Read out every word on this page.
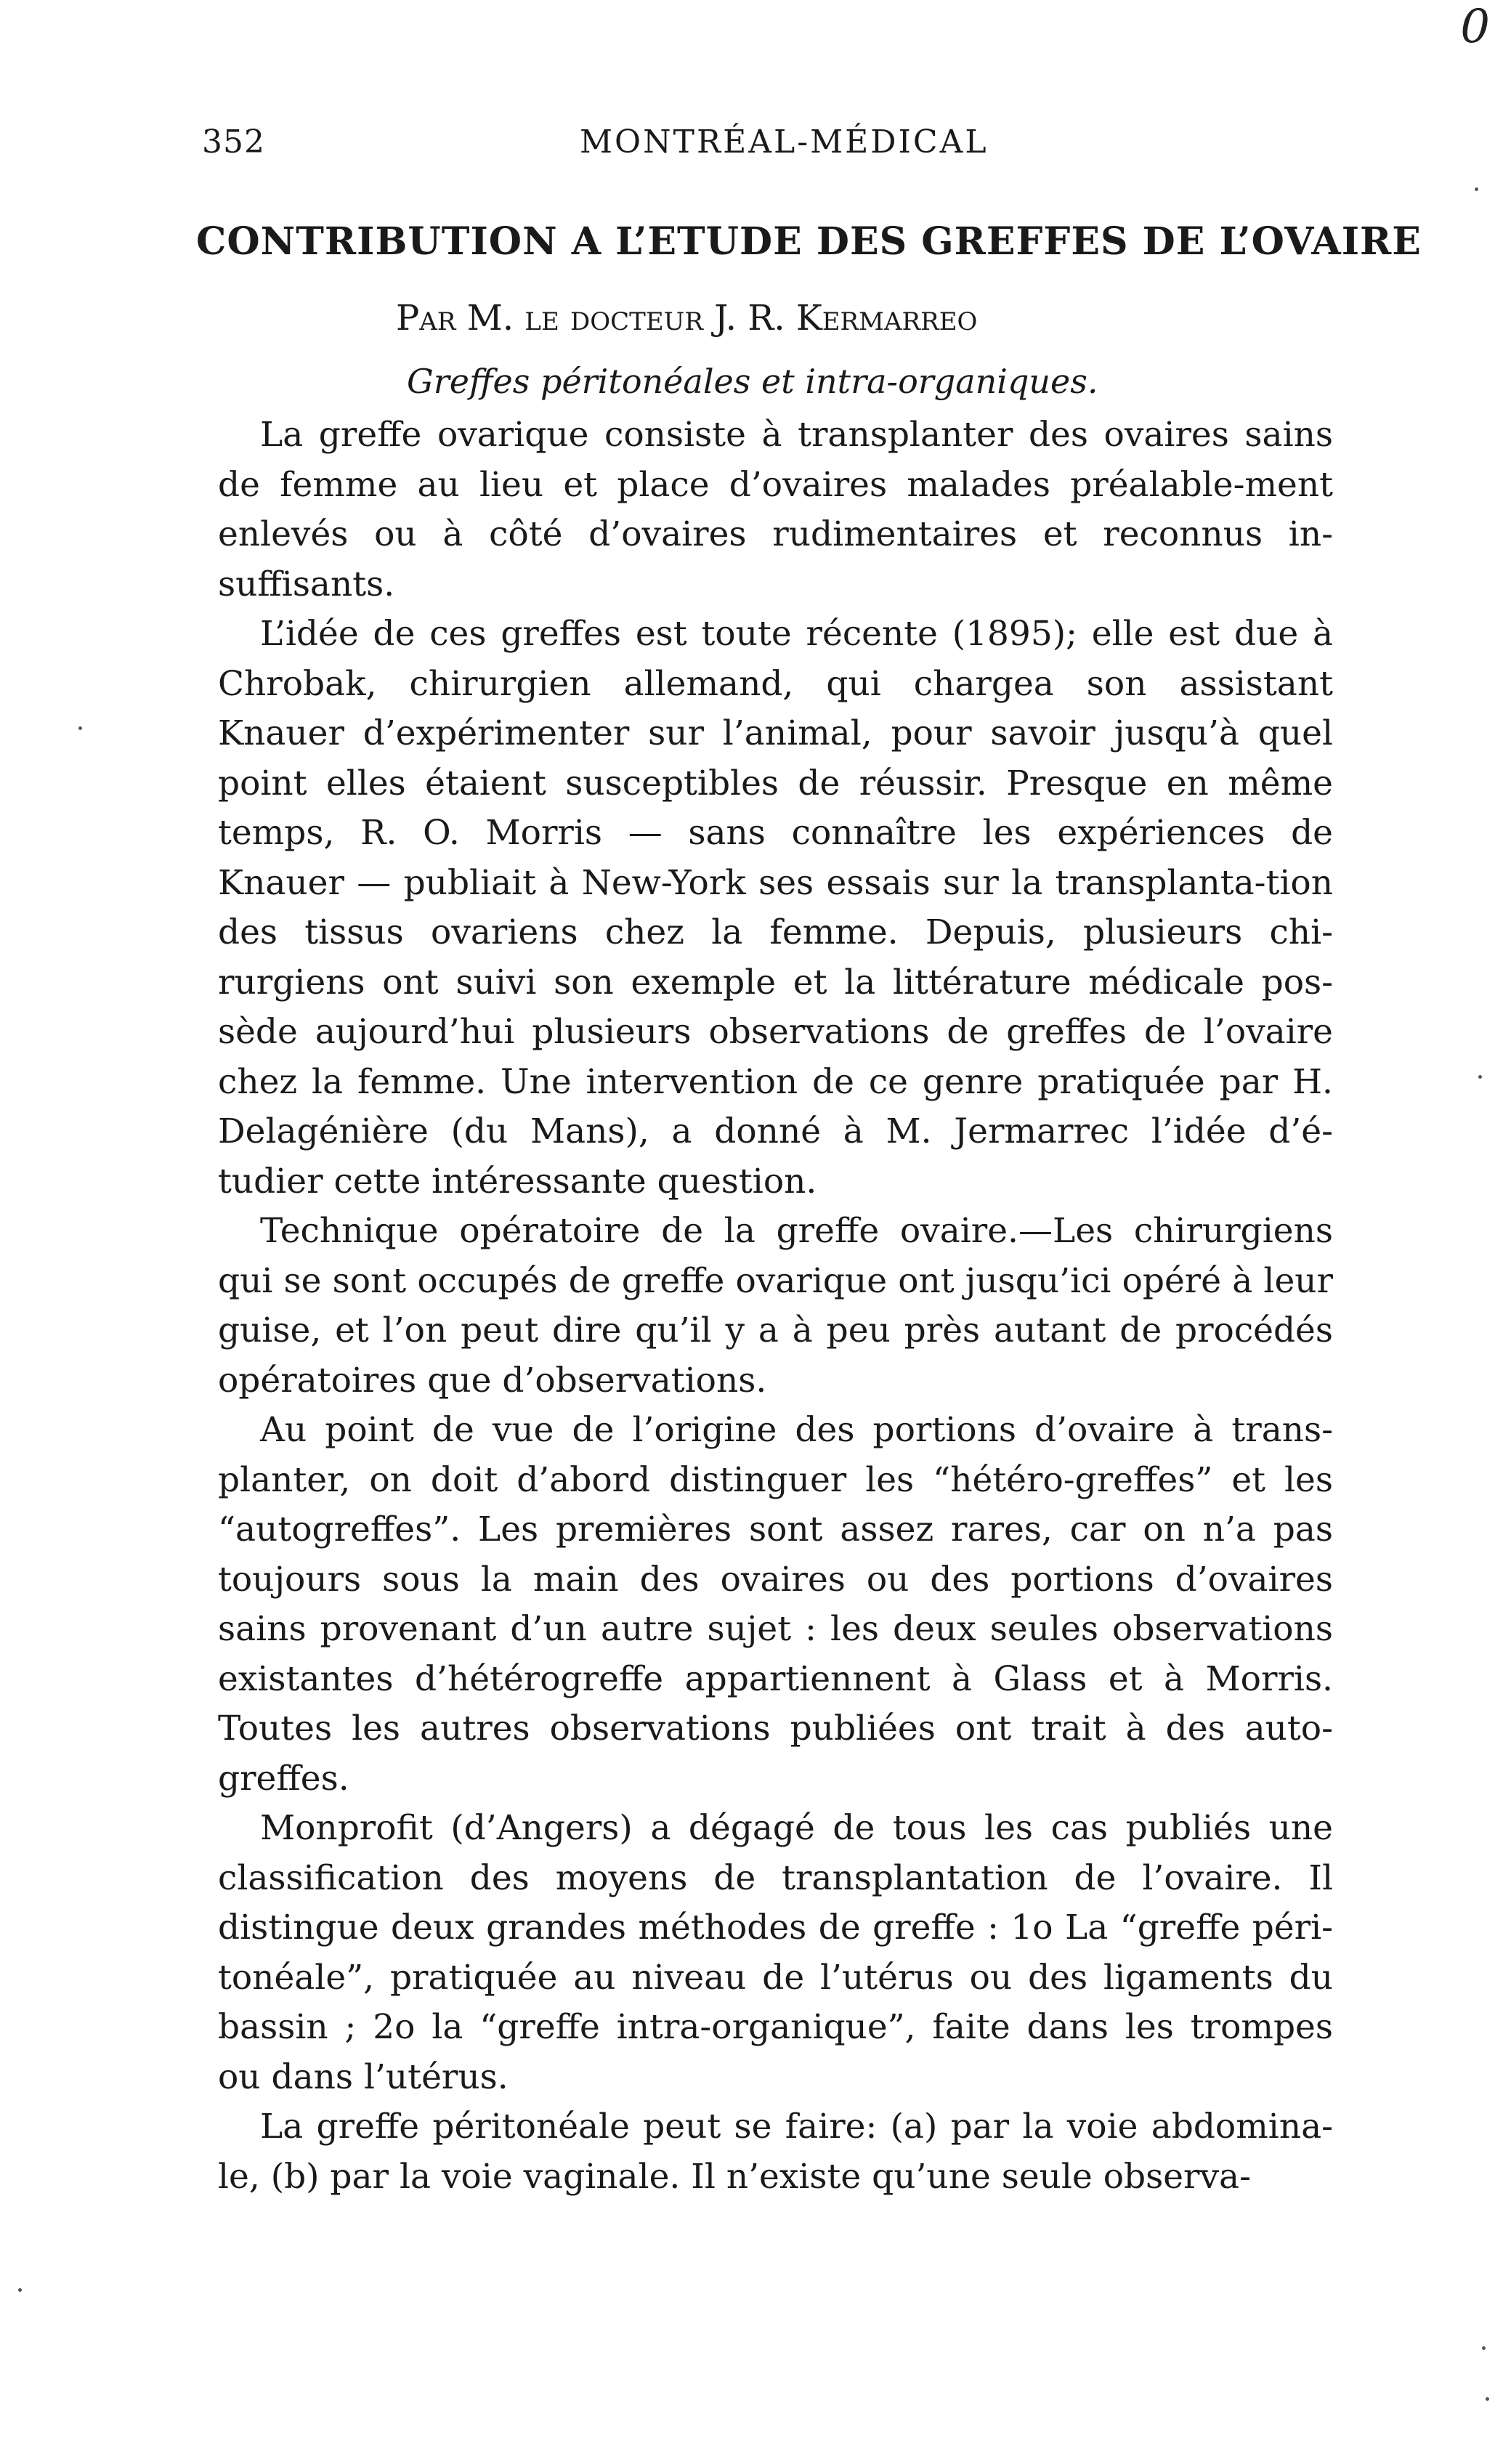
0
352	MONTRÉAL-MÉDICAL
CONTRIBUTION A L’ETUDE DES GREFFES DE L’OVAIRE
Par M. le docteur J. R. Kermarreo
Greffes péritonéales et intra-organiques.

La greffe ovarique consiste à transplanter des ovaires sains de femme au lieu et place d’ovaires malades préalable-ment enlevés ou à côté d’ovaires rudimentaires et reconnus in-suffisants.

L’idée de ces greffes est toute récente (1895); elle est due à Chrobak, chirurgien allemand, qui chargea son assistant Knauer d’expérimenter sur l’animal, pour savoir jusqu’à quel point elles étaient susceptibles de réussir. Presque en même temps, R. O. Morris — sans connaître les expériences de Knauer — publiait à New-York ses essais sur la transplanta-tion des tissus ovariens chez la femme. Depuis, plusieurs chi-rurgiens ont suivi son exemple et la littérature médicale pos-sède aujourd’hui plusieurs observations de greffes de l’ovaire chez la femme. Une intervention de ce genre pratiquée par H. Delagénière (du Mans), a donné à M. Jermarrec l’idée d’é-tudier cette intéressante question.

Technique opératoire de la greffe ovaire.—Les chirurgiens qui se sont occupés de greffe ovarique ont jusqu’ici opéré à leur guise, et l’on peut dire qu’il y a à peu près autant de procédés opératoires que d’observations.

Au point de vue de l’origine des portions d’ovaire à trans-planter, on doit d’abord distinguer les “hétéro-greffes” et les “autogreffes”. Les premières sont assez rares, car on n’a pas toujours sous la main des ovaires ou des portions d’ovaires sains provenant d’un autre sujet : les deux seules observations existantes d’hétérogreffe appartiennent à Glass et à Morris. Toutes les autres observations publiées ont trait à des auto-greffes.

Monprofit (d’Angers) a dégagé de tous les cas publiés une classification des moyens de transplantation de l’ovaire. Il distingue deux grandes méthodes de greffe : 1o La “greffe péri-tonéale”, pratiquée au niveau de l’utérus ou des ligaments du bassin ; 2o la “greffe intra-organique”, faite dans les trompes ou dans l’utérus.

La greffe péritonéale peut se faire: (a) par la voie abdomina-le, (b) par la voie vaginale. Il n’existe qu’une seule observa-
